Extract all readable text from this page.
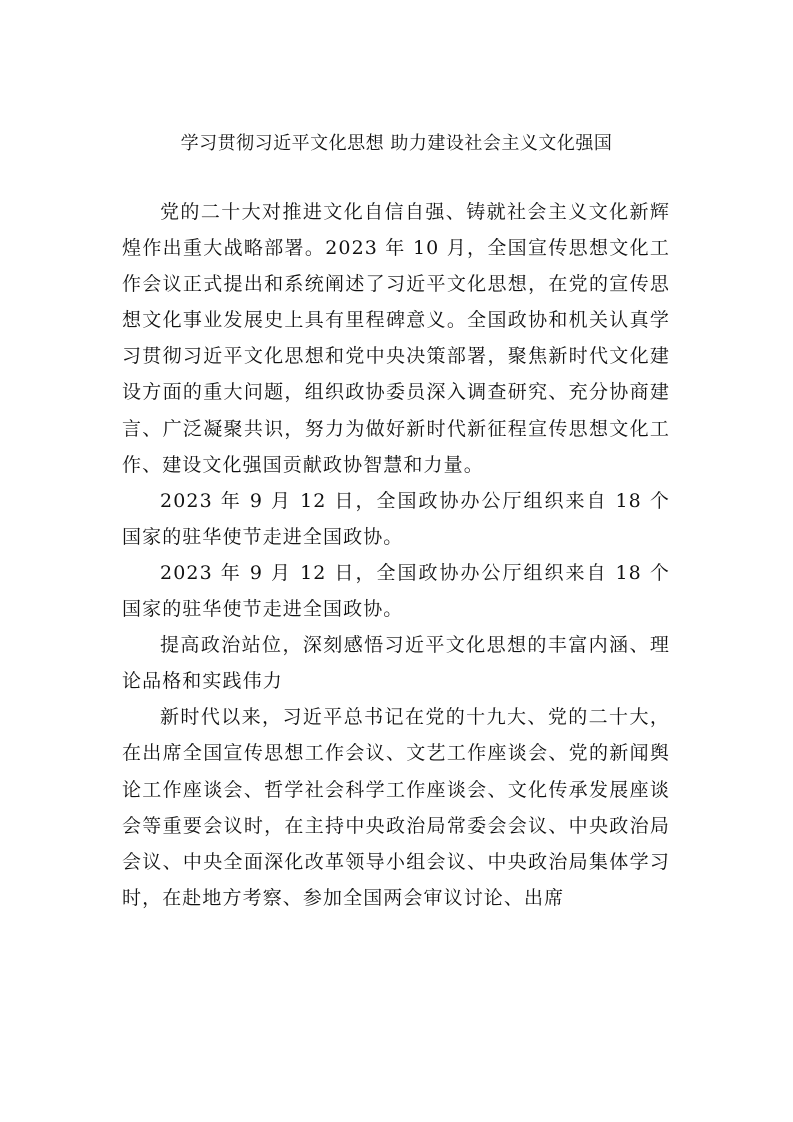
学习贯彻习近平文化思想 助力建设社会主义文化强国

党的二十大对推进文化自信自强、铸就社会主义文化新辉煌作出重大战略部署。2023 年 10 月，全国宣传思想文化工作会议正式提出和系统阐述了习近平文化思想，在党的宣传思想文化事业发展史上具有里程碑意义。全国政协和机关认真学习贯彻习近平文化思想和党中央决策部署，聚焦新时代文化建设方面的重大问题，组织政协委员深入调查研究、充分协商建言、广泛凝聚共识，努力为做好新时代新征程宣传思想文化工作、建设文化强国贡献政协智慧和力量。

2023 年 9 月 12 日，全国政协办公厅组织来自 18 个国家的驻华使节走进全国政协。

2023 年 9 月 12 日，全国政协办公厅组织来自 18 个国家的驻华使节走进全国政协。

提高政治站位，深刻感悟习近平文化思想的丰富内涵、理论品格和实践伟力

新时代以来，习近平总书记在党的十九大、党的二十大，在出席全国宣传思想工作会议、文艺工作座谈会、党的新闻舆论工作座谈会、哲学社会科学工作座谈会、文化传承发展座谈会等重要会议时，在主持中央政治局常委会会议、中央政治局会议、中央全面深化改革领导小组会议、中央政治局集体学习时，在赴地方考察、参加全国两会审议讨论、出席
